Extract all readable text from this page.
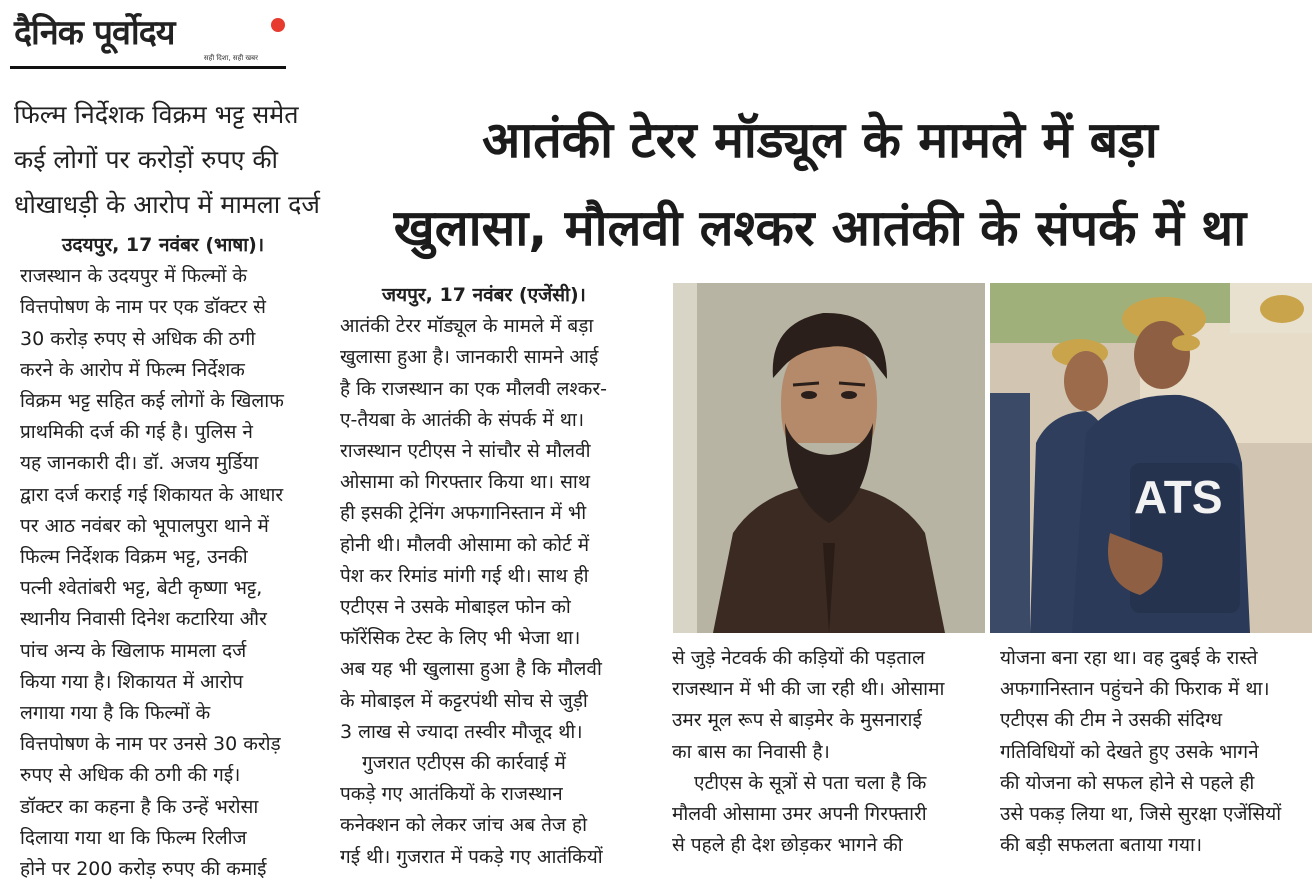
दैनिक पूर्वोदय
सही दिशा, सही खबर
फिल्म निर्देशक विक्रम भट्ट समेत
कई लोगों पर करोड़ों रुपए की
धोखाधड़ी के आरोप में मामला दर्ज
उदयपुर, 17 नवंबर (भाषा)।
राजस्थान के उदयपुर में फिल्मों के
वित्तपोषण के नाम पर एक डॉक्टर से
30 करोड़ रुपए से अधिक की ठगी
करने के आरोप में फिल्म निर्देशक
विक्रम भट्ट सहित कई लोगों के खिलाफ
प्राथमिकी दर्ज की गई है। पुलिस ने
यह जानकारी दी। डॉ. अजय मुर्डिया
द्वारा दर्ज कराई गई शिकायत के आधार
पर आठ नवंबर को भूपालपुरा थाने में
फिल्म निर्देशक विक्रम भट्ट, उनकी
पत्नी श्वेतांबरी भट्ट, बेटी कृष्णा भट्ट,
स्थानीय निवासी दिनेश कटारिया और
पांच अन्य के खिलाफ मामला दर्ज
किया गया है। शिकायत में आरोप
लगाया गया है कि फिल्मों के
वित्तपोषण के नाम पर उनसे 30 करोड़
रुपए से अधिक की ठगी की गई।
डॉक्टर का कहना है कि उन्हें भरोसा
दिलाया गया था कि फिल्म रिलीज
होने पर 200 करोड़ रुपए की कमाई
आतंकी टेरर मॉड्यूल के मामले में बड़ा
खुलासा, मौलवी लश्कर आतंकी के संपर्क में था
जयपुर, 17 नवंबर (एजेंसी)।
आतंकी टेरर मॉड्यूल के मामले में बड़ा
खुलासा हुआ है। जानकारी सामने आई
है कि राजस्थान का एक मौलवी लश्कर-
ए-तैयबा के आतंकी के संपर्क में था।
राजस्थान एटीएस ने सांचौर से मौलवी
ओसामा को गिरफ्तार किया था। साथ
ही इसकी ट्रेनिंग अफगानिस्तान में भी
होनी थी। मौलवी ओसामा को कोर्ट में
पेश कर रिमांड मांगी गई थी। साथ ही
एटीएस ने उसके मोबाइल फोन को
फॉरेंसिक टेस्ट के लिए भी भेजा था।
अब यह भी खुलासा हुआ है कि मौलवी
के मोबाइल में कट्टरपंथी सोच से जुड़ी
3 लाख से ज्यादा तस्वीर मौजूद थी।
गुजरात एटीएस की कार्रवाई में
पकड़े गए आतंकियों के राजस्थान
कनेक्शन को लेकर जांच अब तेज हो
गई थी। गुजरात में पकड़े गए आतंकियों
ATS
से जुड़े नेटवर्क की कड़ियों की पड़ताल
राजस्थान में भी की जा रही थी। ओसामा
उमर मूल रूप से बाड़मेर के मुसनाराई
का बास का निवासी है।
एटीएस के सूत्रों से पता चला है कि
मौलवी ओसामा उमर अपनी गिरफ्तारी
से पहले ही देश छोड़कर भागने की
योजना बना रहा था। वह दुबई के रास्ते
अफगानिस्तान पहुंचने की फिराक में था।
एटीएस की टीम ने उसकी संदिग्ध
गतिविधियों को देखते हुए उसके भागने
की योजना को सफल होने से पहले ही
उसे पकड़ लिया था, जिसे सुरक्षा एजेंसियों
की बड़ी सफलता बताया गया।
